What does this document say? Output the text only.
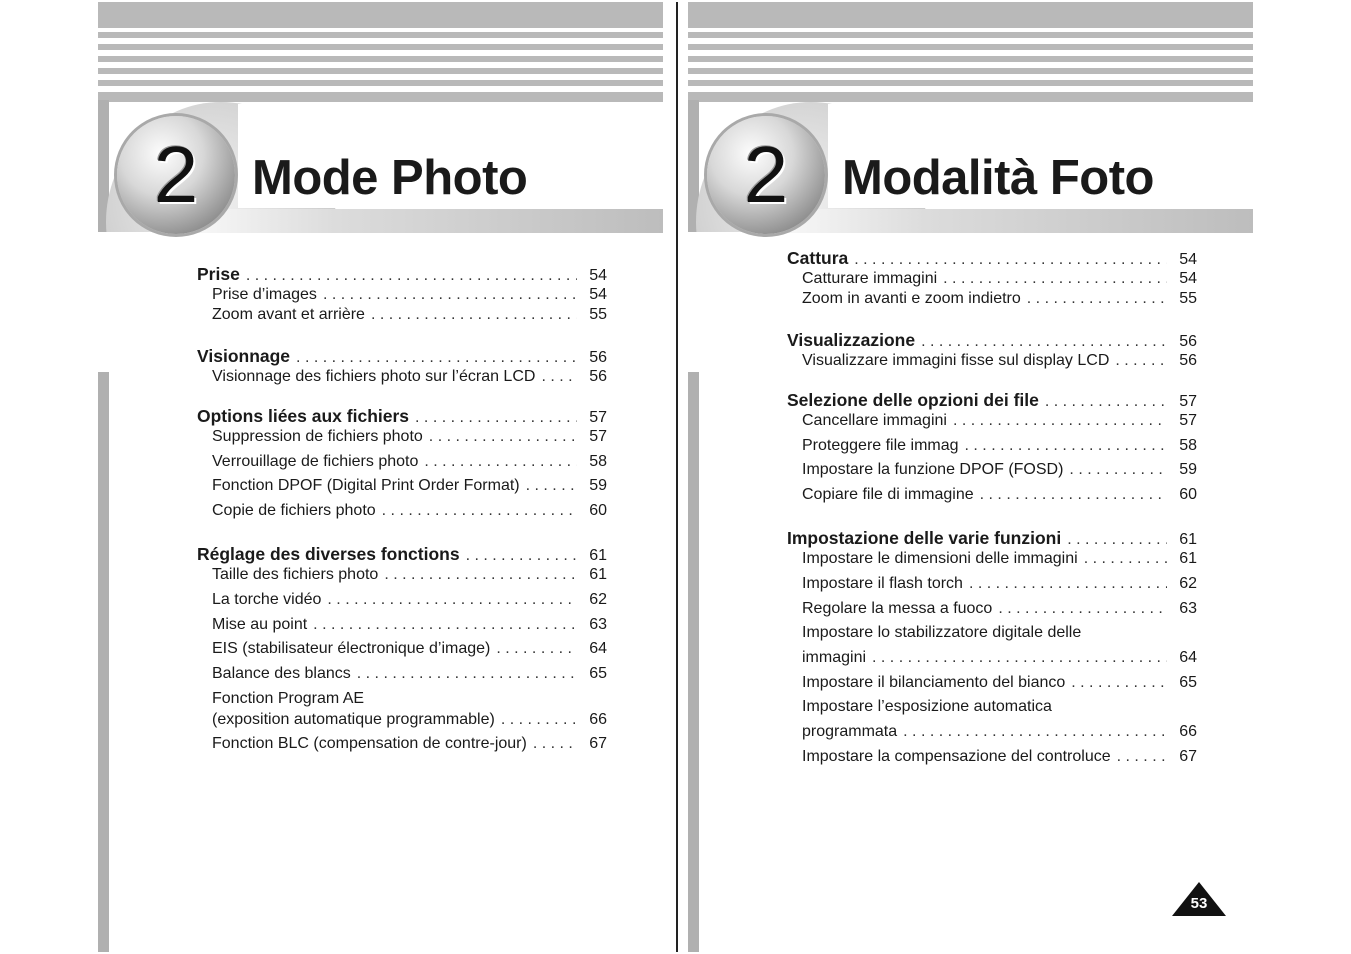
2	Mode Photo
Prise . . .	54
Prise d’images . . .	54
Zoom avant et arrière . . .	55
Visionnage . . .	56
Visionnage des fichiers photo sur l’écran LCD . . .	56
Options liées aux fichiers . . .	57
Suppression de fichiers photo . . .	57
Verrouillage de fichiers photo . . .	58
Fonction DPOF (Digital Print Order Format) . . .	59
Copie de fichiers photo . . .	60
Réglage des diverses fonctions . . .	61
Taille des fichiers photo . . .	61
La torche vidéo . . .	62
Mise au point . . .	63
EIS (stabilisateur électronique d’image) . . .	64
Balance des blancs . . .	65
Fonction Program AE
(exposition automatique programmable) . . .	66
Fonction BLC (compensation de contre-jour) . . .	67
2	Modalità Foto
Cattura . . .	54
Catturare immagini . . .	54
Zoom in avanti e zoom indietro . . .	55
Visualizzazione . . .	56
Visualizzare immagini fisse sul display LCD . . .	56
Selezione delle opzioni dei file . . .	57
Cancellare immagini . . .	57
Proteggere file immag . . .	58
Impostare la funzione DPOF (FOSD) . . .	59
Copiare file di immagine . . .	60
Impostazione delle varie funzioni . . .	61
Impostare le dimensioni delle immagini . . .	61
Impostare il flash torch . . .	62
Regolare la messa a fuoco . . .	63
Impostare lo stabilizzatore digitale delle
immagini . . .	64
Impostare il bilanciamento del bianco . . .	65
Impostare l’esposizione automatica
programmata . . .	66
Impostare la compensazione del controluce . . .	67
53
